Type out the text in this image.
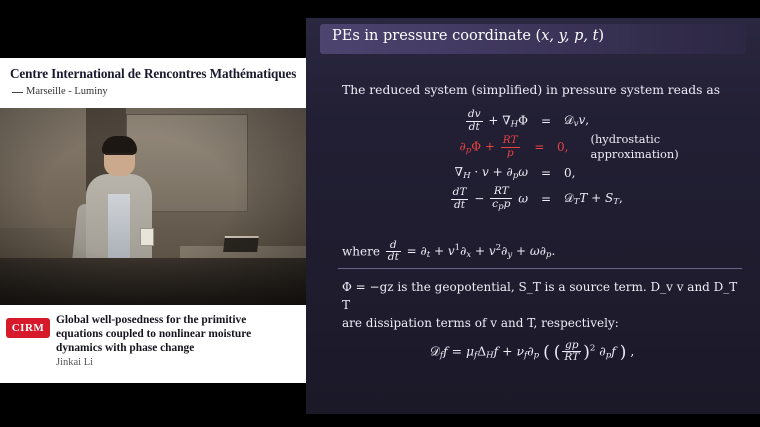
Centre International de Rencontres Mathématiques
Marseille - Luminy
CIRM
Global well-posedness for the primitive
equations coupled to nonlinear moisture
dynamics with phase change
Jinkai Li
PEs in pressure coordinate (x, y, p, t)
The reduced system (simplified) in pressure system reads as
$\frac{dv}{dt} + \nabla_H\Phi$	=	𝒟$_v$v,
$\partial_p\Phi + \frac{RT}{p}$ =	0,
(hydrostatic approximation)
$\nabla_H \cdot v + \partial_p\omega$	=	0,
$\frac{dT}{dt} - \frac{RT}{c_pp}$ ω	=	𝒟$_T$T + $S_T$,
where $\frac{d}{dt} = \partial_t + v^1\partial_x + v^2\partial_y + \omega\partial_p$.
Φ = −gz is the geopotential, S_T is a source term. D_v v and D_T T
are dissipation terms of v and T, respectively:
𝒟$_f$f = $\mu_f\Delta_Hf + \nu_f\partial_p$ ( ( $\frac{gp}{RT} )^2$ $\partial_pf$ ) ,
